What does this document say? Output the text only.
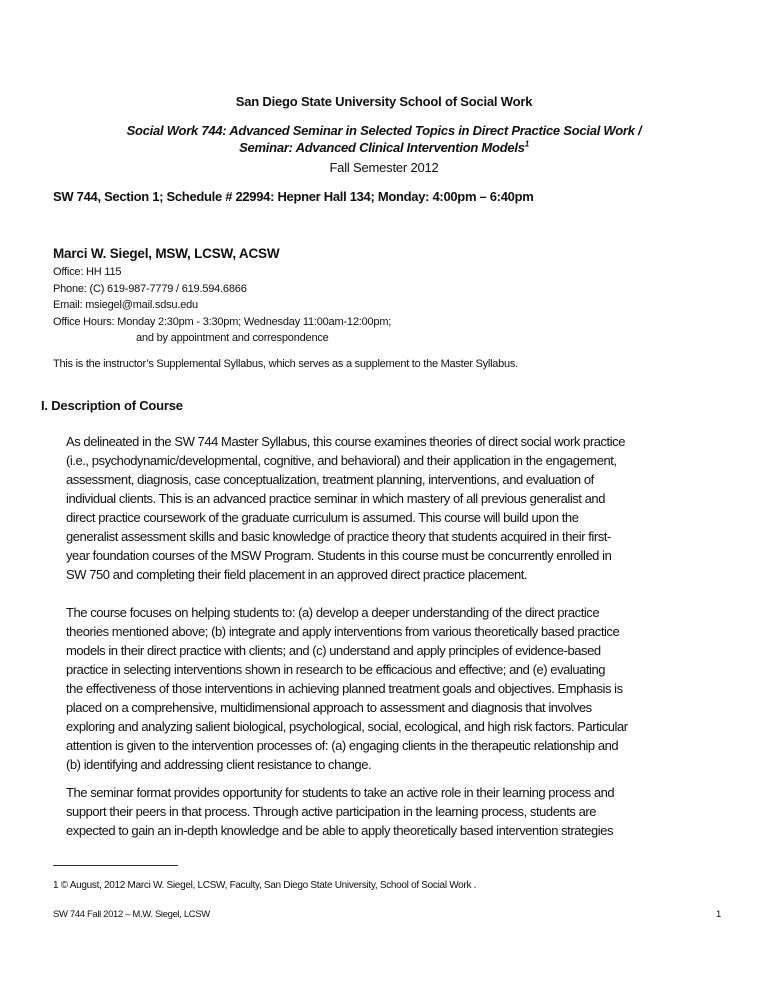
San Diego State University School of Social Work
Social Work 744: Advanced Seminar in Selected Topics in Direct Practice Social Work /
Seminar: Advanced Clinical Intervention Models$^1$
Fall Semester 2012
SW 744, Section 1; Schedule # 22994: Hepner Hall 134; Monday: 4:00pm – 6:40pm
Marci W. Siegel, MSW, LCSW, ACSW
Office: HH 115
Phone: (C) 619-987-7779 / 619.594.6866
Email: msiegel@mail.sdsu.edu
Office Hours: Monday 2:30pm - 3:30pm; Wednesday 11:00am-12:00pm;
and by appointment and correspondence
This is the instructor’s Supplemental Syllabus, which serves as a supplement to the Master Syllabus.
I. Description of Course
As delineated in the SW 744 Master Syllabus, this course examines theories of direct social work practice
(i.e., psychodynamic/developmental, cognitive, and behavioral) and their application in the engagement,
assessment, diagnosis, case conceptualization, treatment planning, interventions, and evaluation of
individual clients. This is an advanced practice seminar in which mastery of all previous generalist and
direct practice coursework of the graduate curriculum is assumed. This course will build upon the
generalist assessment skills and basic knowledge of practice theory that students acquired in their first-
year foundation courses of the MSW Program. Students in this course must be concurrently enrolled in
SW 750 and completing their field placement in an approved direct practice placement.
The course focuses on helping students to: (a) develop a deeper understanding of the direct practice
theories mentioned above; (b) integrate and apply interventions from various theoretically based practice
models in their direct practice with clients; and (c) understand and apply principles of evidence-based
practice in selecting interventions shown in research to be efficacious and effective; and (e) evaluating
the effectiveness of those interventions in achieving planned treatment goals and objectives. Emphasis is
placed on a comprehensive, multidimensional approach to assessment and diagnosis that involves
exploring and analyzing salient biological, psychological, social, ecological, and high risk factors. Particular
attention is given to the intervention processes of: (a) engaging clients in the therapeutic relationship and
(b) identifying and addressing client resistance to change.
The seminar format provides opportunity for students to take an active role in their learning process and
support their peers in that process. Through active participation in the learning process, students are
expected to gain an in-depth knowledge and be able to apply theoretically based intervention strategies
1 © August, 2012 Marci W. Siegel, LCSW, Faculty, San Diego State University, School of Social Work .
SW 744 Fall 2012 – M.W. Siegel, LCSW	1
